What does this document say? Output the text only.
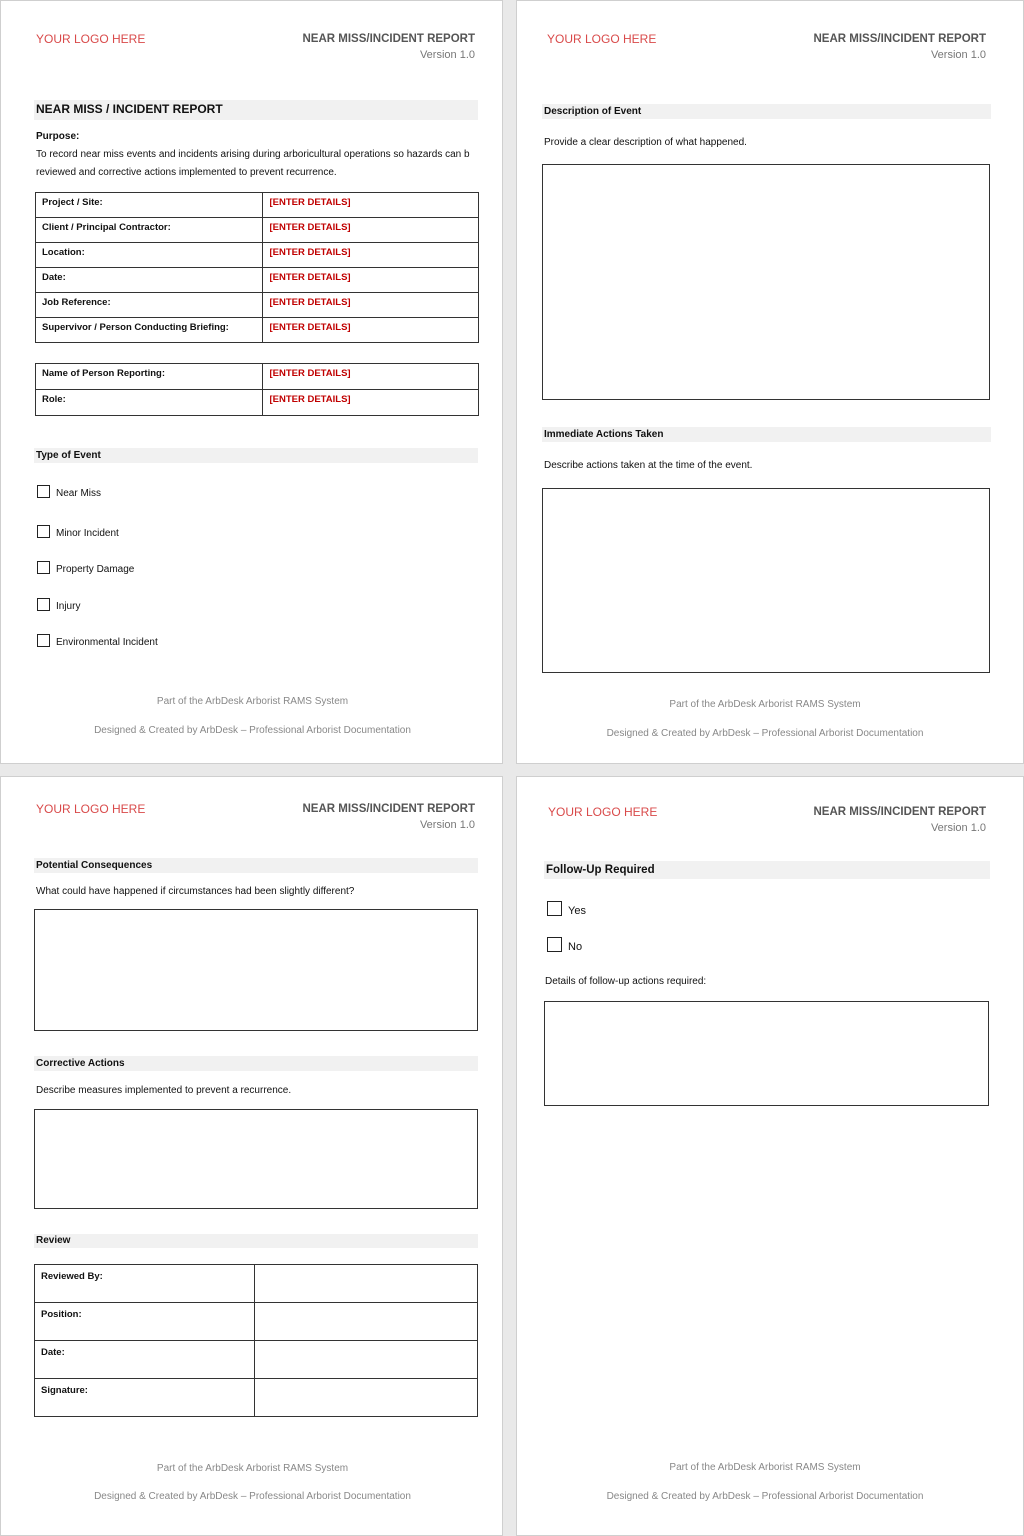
YOUR LOGO HERE	NEAR MISS/INCIDENT REPORT
Version 1.0
NEAR MISS / INCIDENT REPORT
Purpose:
To record near miss events and incidents arising during arboricultural operations so hazards can b
reviewed and corrective actions implemented to prevent recurrence.
Project / Site:	[ENTER DETAILS]
Client / Principal Contractor:	[ENTER DETAILS]
Location:	[ENTER DETAILS]
Date:	[ENTER DETAILS]
Job Reference:	[ENTER DETAILS]
Supervivor / Person Conducting Briefing:	[ENTER DETAILS]
Name of Person Reporting:	[ENTER DETAILS]
Role:	[ENTER DETAILS]
Type of Event
Near Miss
Minor Incident
Property Damage
Injury
Environmental Incident
Part of the ArbDesk Arborist RAMS System
Designed & Created by ArbDesk – Professional Arborist Documentation
YOUR LOGO HERE	NEAR MISS/INCIDENT REPORT
Version 1.0
Description of Event
Provide a clear description of what happened.
Immediate Actions Taken
Describe actions taken at the time of the event.
Part of the ArbDesk Arborist RAMS System
Designed & Created by ArbDesk – Professional Arborist Documentation
YOUR LOGO HERE	NEAR MISS/INCIDENT REPORT
Version 1.0
Potential Consequences
What could have happened if circumstances had been slightly different?
Corrective Actions
Describe measures implemented to prevent a recurrence.
Review
Reviewed By:	
Position:	
Date:	
Signature:	
Part of the ArbDesk Arborist RAMS System
Designed & Created by ArbDesk – Professional Arborist Documentation
YOUR LOGO HERE	NEAR MISS/INCIDENT REPORT
Version 1.0
Follow-Up Required
Yes
No
Details of follow-up actions required:
Part of the ArbDesk Arborist RAMS System
Designed & Created by ArbDesk – Professional Arborist Documentation
